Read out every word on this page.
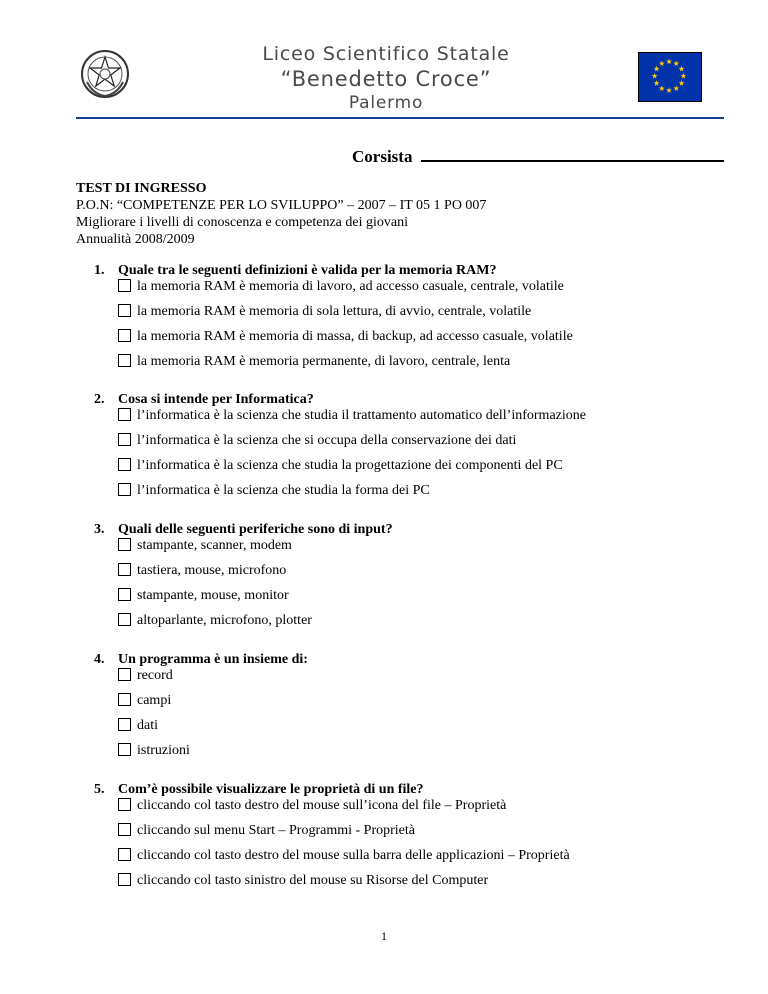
Liceo Scientifico Statale
“Benedetto Croce”
Palermo
Corsista
TEST DI INGRESSO
P.O.N: “COMPETENZE PER LO SVILUPPO” – 2007 – IT 05 1 PO 007
Migliorare i livelli di conoscenza e competenza dei giovani
Annualità 2008/2009
1. Quale tra le seguenti definizioni è valida per la memoria RAM?
la memoria RAM è memoria di lavoro, ad accesso casuale, centrale, volatile
la memoria RAM è memoria di sola lettura, di avvio, centrale, volatile
la memoria RAM è memoria di massa, di backup, ad accesso casuale, volatile
la memoria RAM è memoria permanente, di lavoro, centrale, lenta
2. Cosa si intende per Informatica?
l’informatica è la scienza che studia il trattamento automatico dell’informazione
l’informatica è la scienza che si occupa della conservazione dei dati
l’informatica è la scienza che studia la progettazione dei componenti del PC
l’informatica è la scienza che studia la forma dei PC
3. Quali delle seguenti periferiche sono di input?
stampante, scanner, modem
tastiera, mouse, microfono
stampante, mouse, monitor
altoparlante, microfono, plotter
4. Un programma è un insieme di:
record
campi
dati
istruzioni
5. Com’è possibile visualizzare le proprietà di un file?
cliccando col tasto destro del mouse sull’icona del file – Proprietà
cliccando sul menu Start – Programmi - Proprietà
cliccando col tasto destro del mouse sulla barra delle applicazioni – Proprietà
cliccando col tasto sinistro del mouse su Risorse del Computer
1
